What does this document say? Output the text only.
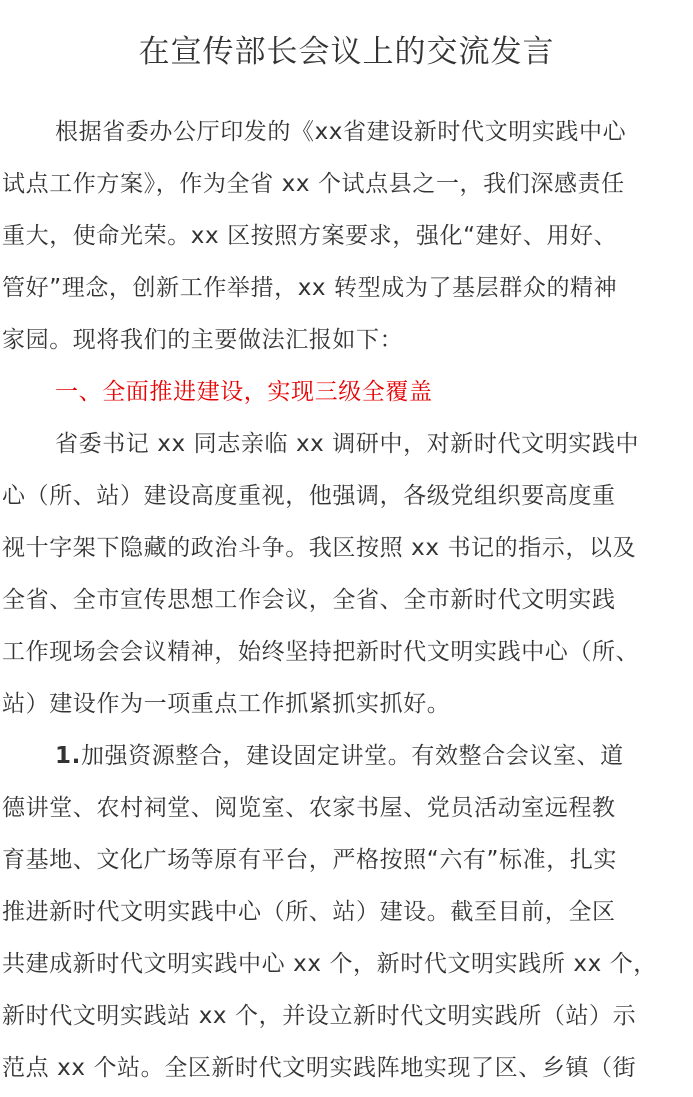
在宣传部长会议上的交流发言
根据省委办公厅印发的《xx省建设新时代文明实践中心
试点工作方案》，作为全省 xx 个试点县之一，我们深感责任
重大，使命光荣。xx 区按照方案要求，强化“建好、用好、
管好”理念，创新工作举措，xx 转型成为了基层群众的精神
家园。现将我们的主要做法汇报如下：
一、全面推进建设，实现三级全覆盖
省委书记 xx 同志亲临 xx 调研中，对新时代文明实践中
心（所、站）建设高度重视，他强调，各级党组织要高度重
视十字架下隐藏的政治斗争。我区按照 xx 书记的指示，以及
全省、全市宣传思想工作会议，全省、全市新时代文明实践
工作现场会会议精神，始终坚持把新时代文明实践中心（所、
站）建设作为一项重点工作抓紧抓实抓好。
1.加强资源整合，建设固定讲堂。有效整合会议室、道
德讲堂、农村祠堂、阅览室、农家书屋、党员活动室远程教
育基地、文化广场等原有平台，严格按照“六有”标准，扎实
推进新时代文明实践中心（所、站）建设。截至目前，全区
共建成新时代文明实践中心 xx 个，新时代文明实践所 xx 个，
新时代文明实践站 xx 个，并设立新时代文明实践所（站）示
范点 xx 个站。全区新时代文明实践阵地实现了区、乡镇（街
